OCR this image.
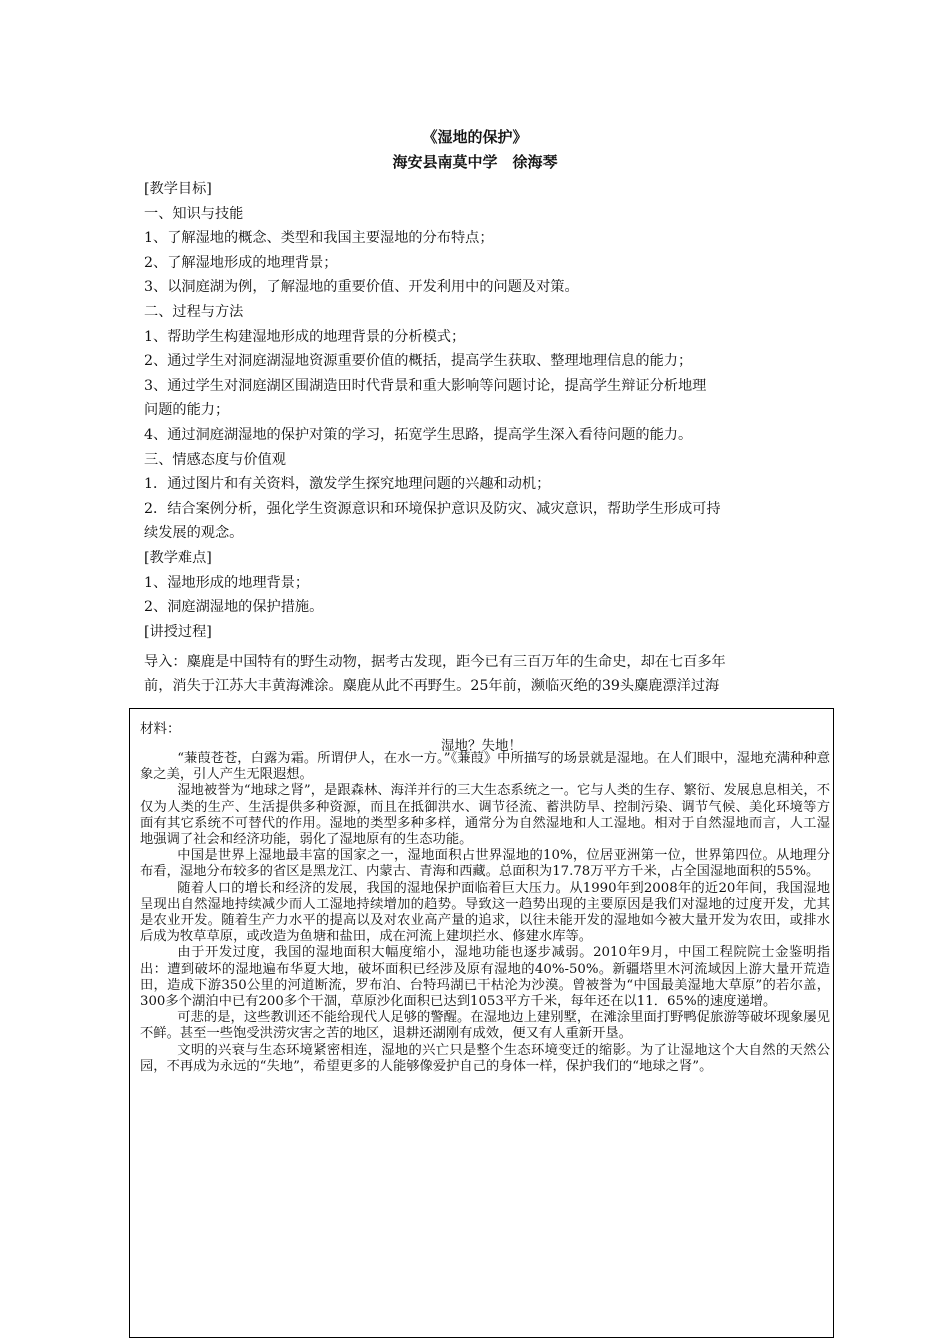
《湿地的保护》
海安县南莫中学　徐海琴
[教学目标]
一、知识与技能
1、了解湿地的概念、类型和我国主要湿地的分布特点；
2、了解湿地形成的地理背景；
3、以洞庭湖为例，了解湿地的重要价值、开发利用中的问题及对策。
二、过程与方法
1、帮助学生构建湿地形成的地理背景的分析模式；
2、通过学生对洞庭湖湿地资源重要价值的概括，提高学生获取、整理地理信息的能力；
3、通过学生对洞庭湖区围湖造田时代背景和重大影响等问题讨论，提高学生辩证分析地理
问题的能力；
4、通过洞庭湖湿地的保护对策的学习，拓宽学生思路，提高学生深入看待问题的能力。
三、情感态度与价值观
1．通过图片和有关资料，激发学生探究地理问题的兴趣和动机；
2．结合案例分析，强化学生资源意识和环境保护意识及防灾、减灾意识，帮助学生形成可持
续发展的观念。
[教学难点]
1、湿地形成的地理背景；
2、洞庭湖湿地的保护措施。
[讲授过程]
导入：麋鹿是中国特有的野生动物，据考古发现，距今已有三百万年的生命史，却在七百多年
前，消失于江苏大丰黄海滩涂。麋鹿从此不再野生。25年前，濒临灭绝的39头麋鹿漂洋过海
材料：
湿地？失地！

“蒹葭苍苍，白露为霜。所谓伊人，在水一方。”《蒹葭》中所描写的场景就是湿地。在人们眼中，湿地充满种种意象之美，引人产生无限遐想。

湿地被誉为“地球之肾”，是跟森林、海洋并行的三大生态系统之一。它与人类的生存、繁衍、发展息息相关，不仅为人类的生产、生活提供多种资源，而且在抵御洪水、调节径流、蓄洪防旱、控制污染、调节气候、美化环境等方面有其它系统不可替代的作用。湿地的类型多种多样，通常分为自然湿地和人工湿地。相对于自然湿地而言，人工湿地强调了社会和经济功能，弱化了湿地原有的生态功能。

中国是世界上湿地最丰富的国家之一，湿地面积占世界湿地的10%，位居亚洲第一位，世界第四位。从地理分布看，湿地分布较多的省区是黑龙江、内蒙古、青海和西藏。总面积为17.78万平方千米，占全国湿地面积的55%。

随着人口的增长和经济的发展，我国的湿地保护面临着巨大压力。从1990年到2008年的近20年间，我国湿地呈现出自然湿地持续减少而人工湿地持续增加的趋势。导致这一趋势出现的主要原因是我们对湿地的过度开发，尤其是农业开发。随着生产力水平的提高以及对农业高产量的追求，以往未能开发的湿地如今被大量开发为农田，或排水后成为牧草草原，或改造为鱼塘和盐田，成在河流上建坝拦水、修建水库等。

由于开发过度，我国的湿地面积大幅度缩小，湿地功能也逐步减弱。2010年9月，中国工程院院士金鉴明指出：遭到破坏的湿地遍布华夏大地，破坏面积已经涉及原有湿地的40%-50%。新疆塔里木河流域因上游大量开荒造田，造成下游350公里的河道断流，罗布泊、台特玛湖已干枯沦为沙漠。曾被誉为“中国最美湿地大草原”的若尔盖，300多个湖泊中已有200多个干涸，草原沙化面积已达到1053平方千米，每年还在以11．65%的速度递增。

可悲的是，这些教训还不能给现代人足够的警醒。在湿地边上建别墅，在滩涂里面打野鸭促旅游等破坏现象屡见不鲜。甚至一些饱受洪涝灾害之苦的地区，退耕还湖刚有成效，便又有人重新开垦。

文明的兴衰与生态环境紧密相连，湿地的兴亡只是整个生态环境变迁的缩影。为了让湿地这个大自然的天然公园，不再成为永远的“失地”，希望更多的人能够像爱护自己的身体一样，保护我们的“地球之肾”。
